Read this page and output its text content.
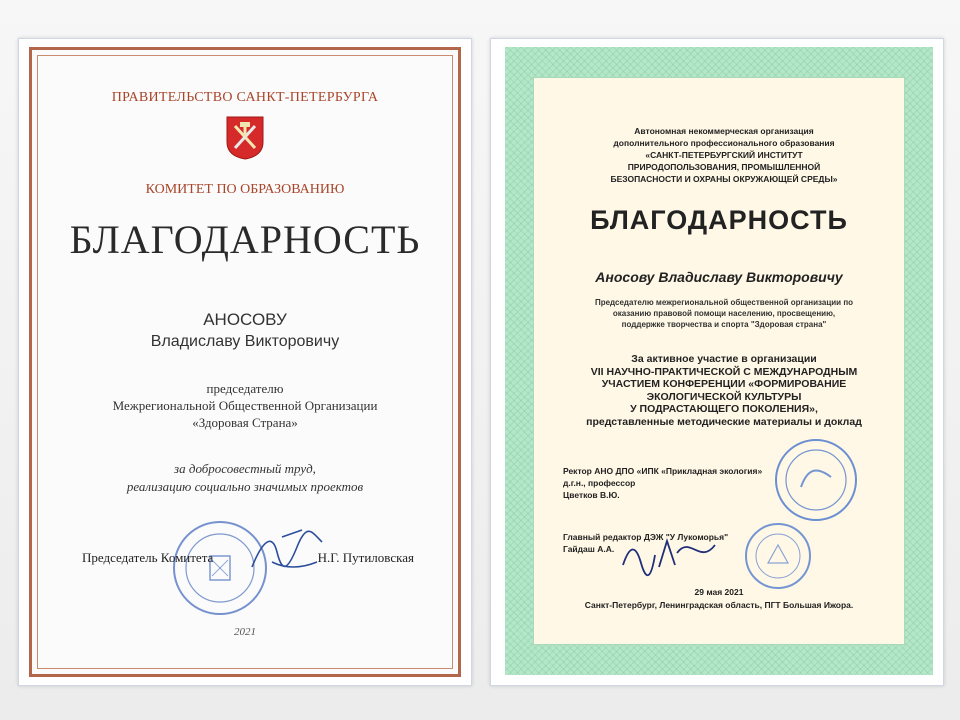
ПРАВИТЕЛЬСТВО САНКТ-ПЕТЕРБУРГА
КОМИТЕТ ПО ОБРАЗОВАНИЮ
БЛАГОДАРНОСТЬ
АНОСОВУ
Владиславу Викторовичу
председателю
Межрегиональной Общественной Организации
«Здоровая Страна»
за добросовестный труд,
реализацию социально значимых проектов
Председатель Комитета	Н.Г. Путиловская
2021
Автономная некоммерческая организация
дополнительного профессионального образования
«САНКТ-ПЕТЕРБУРГСКИЙ ИНСТИТУТ
ПРИРОДОПОЛЬЗОВАНИЯ, ПРОМЫШЛЕННОЙ
БЕЗОПАСНОСТИ И ОХРАНЫ ОКРУЖАЮЩЕЙ СРЕДЫ»
БЛАГОДАРНОСТЬ
Аносову Владиславу Викторовичу
Председателю межрегиональной общественной организации по
оказанию правовой помощи населению, просвещению,
поддержке творчества и спорта "Здоровая страна"
За активное участие в организации
VII НАУЧНО-ПРАКТИЧЕСКОЙ С МЕЖДУНАРОДНЫМ
УЧАСТИЕМ КОНФЕРЕНЦИИ «ФОРМИРОВАНИЕ
ЭКОЛОГИЧЕСКОЙ КУЛЬТУРЫ
У ПОДРАСТАЮЩЕГО ПОКОЛЕНИЯ»,
представленные методические материалы и доклад
Ректор АНО ДПО «ИПК «Прикладная экология»
д.г.н., профессор
Цветков В.Ю.
Главный редактор ДЭЖ "У Лукоморья"
Гайдаш А.А.
29 мая 2021
Санкт-Петербург, Ленинградская область, ПГТ Большая Ижора.
